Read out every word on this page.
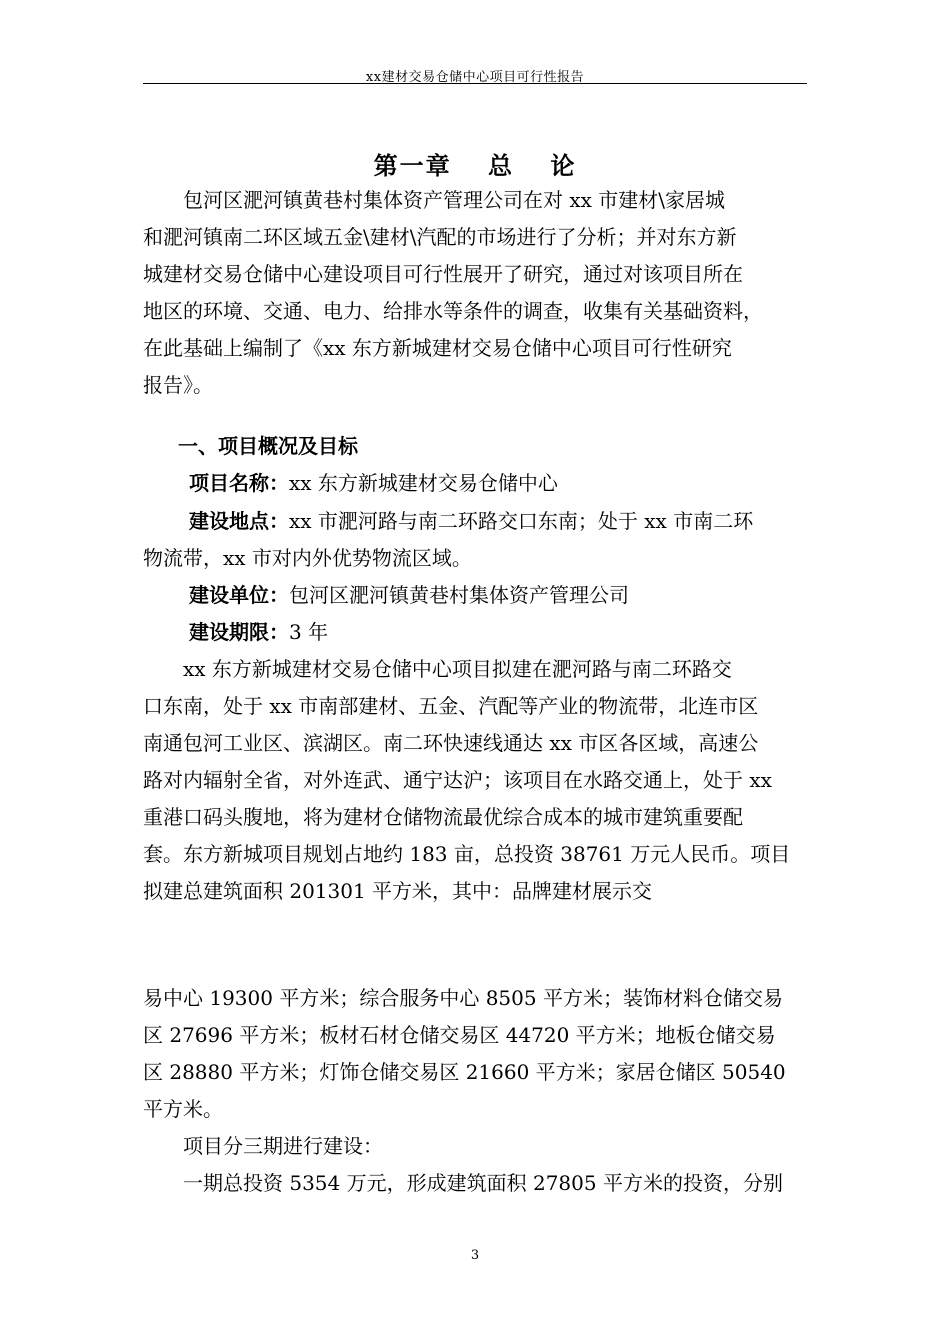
xx建材交易仓储中心项目可行性报告
第一章　 总　 论
　　包河区淝河镇黄巷村集体资产管理公司在对 xx 市建材\家居城
和淝河镇南二环区域五金\建材\汽配的市场进行了分析；并对东方新
城建材交易仓储中心建设项目可行性展开了研究，通过对该项目所在
地区的环境、交通、电力、给排水等条件的调查，收集有关基础资料，
在此基础上编制了《xx 东方新城建材交易仓储中心项目可行性研究
报告》。
一、项目概况及目标
项目名称：xx 东方新城建材交易仓储中心
建设地点：xx 市淝河路与南二环路交口东南；处于 xx 市南二环
物流带，xx 市对内外优势物流区域。
建设单位：包河区淝河镇黄巷村集体资产管理公司
建设期限：3 年
　　xx 东方新城建材交易仓储中心项目拟建在淝河路与南二环路交
口东南，处于 xx 市南部建材、五金、汽配等产业的物流带，北连市区
南通包河工业区、滨湖区。南二环快速线通达 xx 市区各区域，高速公
路对内辐射全省，对外连武、通宁达沪；该项目在水路交通上，处于 xx
重港口码头腹地，将为建材仓储物流最优综合成本的城市建筑重要配
套。东方新城项目规划占地约 183 亩，总投资 38761 万元人民币。项目
拟建总建筑面积 201301 平方米，其中：品牌建材展示交
易中心 19300 平方米；综合服务中心 8505 平方米；装饰材料仓储交易
区 27696 平方米；板材石材仓储交易区 44720 平方米；地板仓储交易
区 28880 平方米；灯饰仓储交易区 21660 平方米；家居仓储区 50540
平方米。
　　项目分三期进行建设：
　　一期总投资 5354 万元，形成建筑面积 27805 平方米的投资，分别
3
